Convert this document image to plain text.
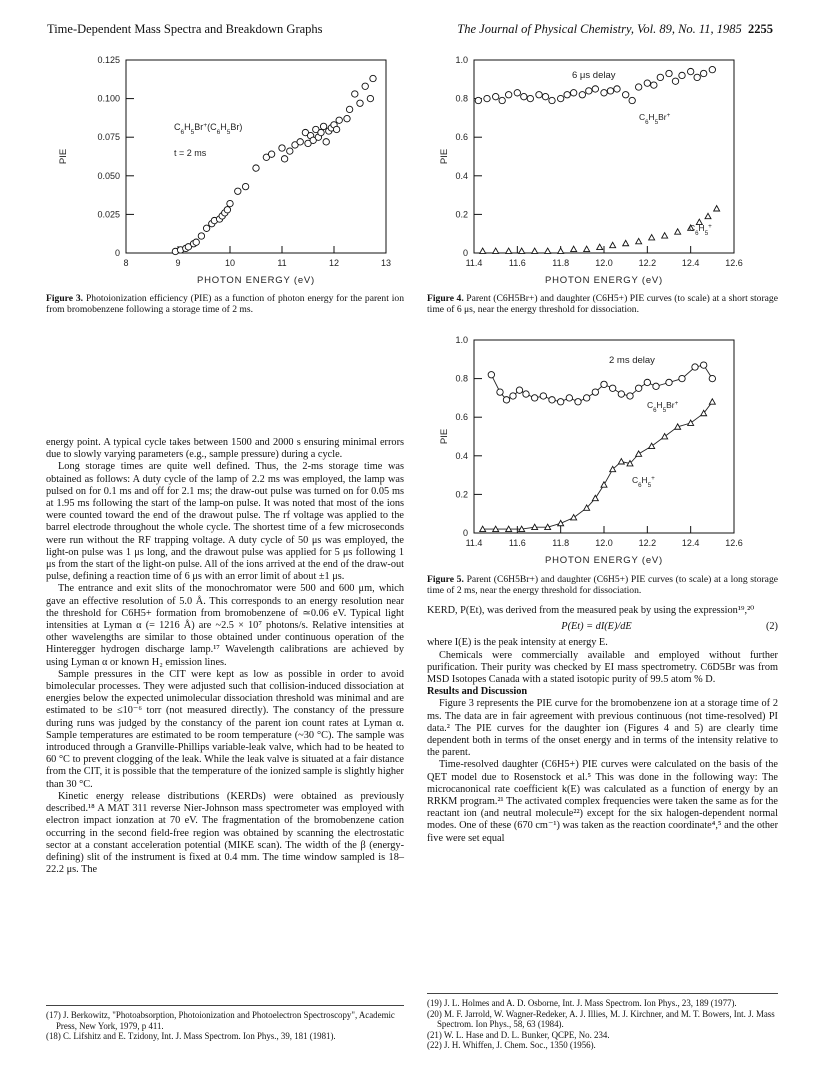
Time-Dependent Mass Spectra and Breakdown Graphs	The Journal of Physical Chemistry, Vol. 89, No. 11, 1985 2255
8	9	10	11	12	13
0
0.025
0.050
0.075
0.100
0.125
PHOTON ENERGY (eV)
PIE
$C_6H_5Br^+(C_6H_5Br)$
t = 2 ms
Figure 3. Photoionization efficiency (PIE) as a function of photon energy for the parent ion from bromobenzene following a storage time of 2 ms.
11.4	11.6	11.8	12.0	12.2	12.4	12.6
0
0.2
0.4
0.6
0.8
1.0
PHOTON ENERGY (eV)
PIE
6 μs delay
$C_6H_5Br^+$
$C_6H_5^+$
Figure 4. Parent (C6H5Br+) and daughter (C6H5+) PIE curves (to scale) at a short storage time of 6 μs, near the energy threshold for dissociation.
11.4	11.6	11.8	12.0	12.2	12.4	12.6
0
0.2
0.4
0.6
0.8
1.0
PHOTON ENERGY (eV)
PIE
2 ms delay
$C_6H_5Br^+$
$C_6H_5^+$
Figure 5. Parent (C6H5Br+) and daughter (C6H5+) PIE curves (to scale) at a long storage time of 2 ms, near the energy threshold for dissociation.

energy point. A typical cycle takes between 1500 and 2000 s ensuring minimal errors due to slowly varying parameters (e.g., sample pressure) during a cycle.

Long storage times are quite well defined. Thus, the 2-ms storage time was obtained as follows: A duty cycle of the lamp of 2.2 ms was employed, the lamp was pulsed on for 0.1 ms and off for 2.1 ms; the draw-out pulse was turned on for 0.05 ms at 1.95 ms following the start of the lamp-on pulse. It was noted that most of the ions were counted toward the end of the drawout pulse. The rf voltage was applied to the barrel electrode throughout the whole cycle. The shortest time of a few microseconds were run without the RF trapping voltage. A duty cycle of 50 μs was employed, the light-on pulse was 1 μs long, and the drawout pulse was applied for 5 μs following 1 μs from the start of the light-on pulse. All of the ions arrived at the end of the draw-out pulse, defining a reaction time of 6 μs with an error limit of about ±1 μs.

The entrance and exit slits of the monochromator were 500 and 600 μm, which gave an effective resolution of 5.0 Å. This corresponds to an energy resolution near the threshold for C6H5+ formation from bromobenzene of ≃0.06 eV. Typical light intensities at Lyman α (= 1216 Å) are ~2.5 × 10⁷ photons/s. Relative intensities at other wavelengths are similar to those obtained under continuous operation of the Hinteregger hydrogen discharge lamp.¹⁷ Wavelength calibrations are achieved by using Lyman α or known H₂ emission lines.

Sample pressures in the CIT were kept as low as possible in order to avoid bimolecular processes. They were adjusted such that collision-induced dissociation at energies below the expected unimolecular dissociation threshold was minimal and are estimated to be ≤10⁻⁶ torr (not measured directly). The constancy of the pressure during runs was judged by the constancy of the parent ion count rates at Lyman α. Sample temperatures are estimated to be room temperature (~30 °C). The sample was introduced through a Granville-Phillips variable-leak valve, which had to be heated to 60 °C to prevent clogging of the leak. While the leak valve is situated at a fair distance from the CIT, it is possible that the temperature of the ionized sample is slightly higher than 30 °C.

Kinetic energy release distributions (KERDs) were obtained as previously described.¹⁸ A MAT 311 reverse Nier-Johnson mass spectrometer was employed with electron impact ionzation at 70 eV. The fragmentation of the bromobenzene cation occurring in the second field-free region was obtained by scanning the electrostatic sector at a constant acceleration potential (MIKE scan). The width of the β (energy-defining) slit of the instrument is fixed at 0.4 mm. The time window sampled is 18–22.2 μs. The

KERD, P(Et), was derived from the measured peak by using the expression¹⁹,²⁰

P(Et) = dI(E)/dE	(2)

where I(E) is the peak intensity at energy E.

Chemicals were commercially available and employed without further purification. Their purity was checked by EI mass spectrometry. C6D5Br was from MSD Isotopes Canada with a stated isotopic purity of 99.5 atom % D.

Results and Discussion

Figure 3 represents the PIE curve for the bromobenzene ion at a storage time of 2 ms. The data are in fair agreement with previous continuous (not time-resolved) PI data.² The PIE curves for the daughter ion (Figures 4 and 5) are clearly time dependent both in terms of the onset energy and in terms of the intensity relative to the parent.

Time-resolved daughter (C6H5+) PIE curves were calculated on the basis of the QET model due to Rosenstock et al.⁵ This was done in the following way: The microcanonical rate coefficient k(E) was calculated as a function of energy by an RRKM program.²¹ The activated complex frequencies were taken the same as for the reactant ion (and neutral molecule²²) except for the six halogen-dependent normal modes. One of these (670 cm⁻¹) was taken as the reaction coordinate⁴,⁵ and the other five were set equal

(17) J. Berkowitz, "Photoabsorption, Photoionization and Photoelectron Spectroscopy", Academic Press, New York, 1979, p 411.
(18) C. Lifshitz and E. Tzidony, Int. J. Mass Spectrom. Ion Phys., 39, 181 (1981).
(19) J. L. Holmes and A. D. Osborne, Int. J. Mass Spectrom. Ion Phys., 23, 189 (1977).
(20) M. F. Jarrold, W. Wagner-Redeker, A. J. Illies, M. J. Kirchner, and M. T. Bowers, Int. J. Mass Spectrom. Ion Phys., 58, 63 (1984).
(21) W. L. Hase and D. L. Bunker, QCPE, No. 234.
(22) J. H. Whiffen, J. Chem. Soc., 1350 (1956).
